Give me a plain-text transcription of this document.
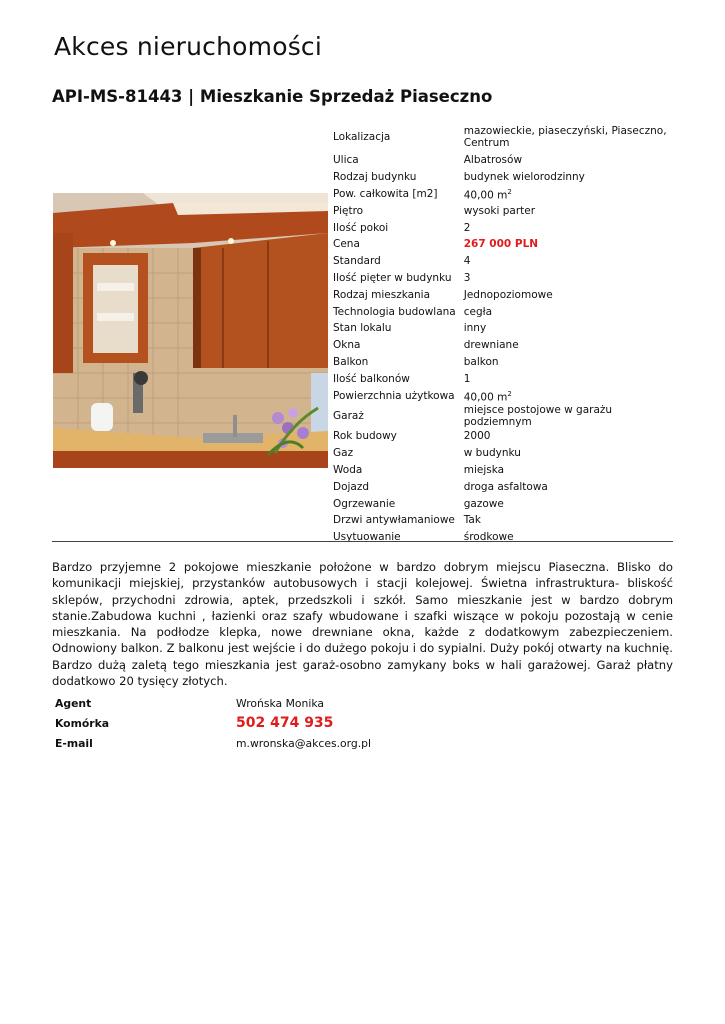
Akces nieruchomości
API-MS-81443 | Mieszkanie Sprzedaż Piaseczno
Lokalizacja	mazowieckie, piaseczyński, Piaseczno, Centrum
Ulica	Albatrosów
Rodzaj budynku	budynek wielorodzinny
Pow. całkowita [m2]	40,00 $m^2$
Piętro	wysoki parter
Ilość pokoi	2
Cena	267 000 PLN
Standard	4
Ilość pięter w budynku	3
Rodzaj mieszkania	Jednopoziomowe
Technologia budowlana	cegła
Stan lokalu	inny
Okna	drewniane
Balkon	balkon
Ilość balkonów	1
Powierzchnia użytkowa	40,00 $m^2$
Garaż	miejsce postojowe w garażu podziemnym
Rok budowy	2000
Gaz	w budynku
Woda	miejska
Dojazd	droga asfaltowa
Ogrzewanie	gazowe
Drzwi antywłamaniowe	Tak
Usytuowanie	środkowe
Bardzo przyjemne 2 pokojowe mieszkanie położone w bardzo dobrym miejscu Piaseczna. Blisko do komunikacji miejskiej, przystanków autobusowych i stacji kolejowej. Świetna infrastruktura- bliskość sklepów, przychodni zdrowia, aptek, przedszkoli i szkół. Samo mieszkanie jest w bardzo dobrym stanie.Zabudowa kuchni , łazienki oraz szafy wbudowane i szafki wiszące w pokoju pozostają w cenie mieszkania. Na podłodze klepka, nowe drewniane okna, każde z dodatkowym zabezpieczeniem. Odnowiony balkon. Z balkonu jest wejście i do dużego pokoju i do sypialni. Duży pokój otwarty na kuchnię. Bardzo dużą zaletą tego mieszkania jest garaż-osobno zamykany boks w hali garażowej. Garaż płatny dodatkowo 20 tysięcy złotych.
Agent	Wrońska Monika
Komórka	502 474 935
E-mail	m.wronska@akces.org.pl
